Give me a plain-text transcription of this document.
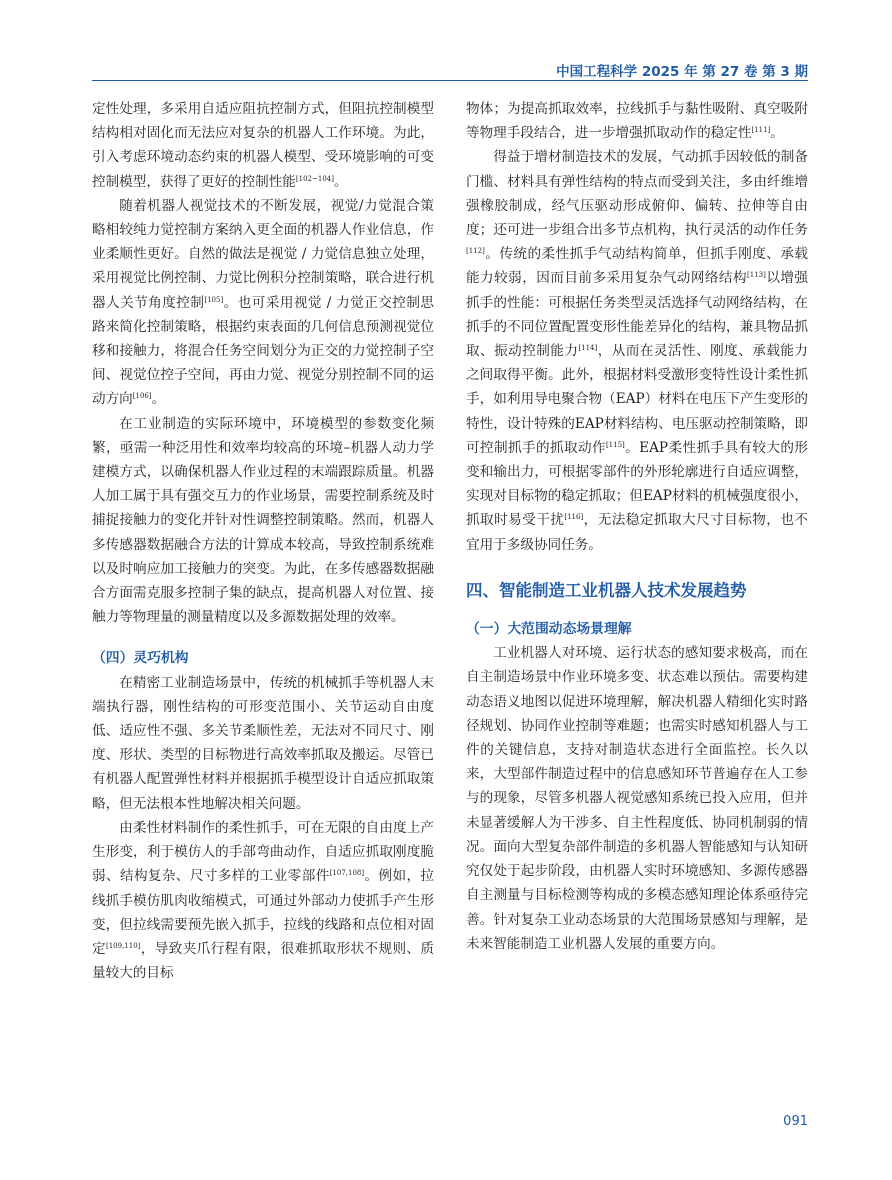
中国工程科学 2025 年 第 27 卷 第 3 期

定性处理，多采用自适应阻抗控制方式，但阻抗控制模型结构相对固化而无法应对复杂的机器人工作环境。为此，引入考虑环境动态约束的机器人模型、受环境影响的可变控制模型，获得了更好的控制性能[102~104]。

随着机器人视觉技术的不断发展，视觉/力觉混合策略相较纯力觉控制方案纳入更全面的机器人作业信息，作业柔顺性更好。自然的做法是视觉 / 力觉信息独立处理，采用视觉比例控制、力觉比例积分控制策略，联合进行机器人关节角度控制[105]。也可采用视觉 / 力觉正交控制思路来简化控制策略，根据约束表面的几何信息预测视觉位移和接触力，将混合任务空间划分为正交的力觉控制子空间、视觉位控子空间，再由力觉、视觉分别控制不同的运动方向[106]。

在工业制造的实际环境中，环境模型的参数变化频繁，亟需一种泛用性和效率均较高的环境–机器人动力学建模方式，以确保机器人作业过程的末端跟踪质量。机器人加工属于具有强交互力的作业场景，需要控制系统及时捕捉接触力的变化并针对性调整控制策略。然而，机器人多传感器数据融合方法的计算成本较高，导致控制系统难以及时响应加工接触力的突变。为此，在多传感器数据融合方面需克服多控制子集的缺点，提高机器人对位置、接触力等物理量的测量精度以及多源数据处理的效率。

（四）灵巧机构

在精密工业制造场景中，传统的机械抓手等机器人末端执行器，刚性结构的可形变范围小、关节运动自由度低、适应性不强、多关节柔顺性差，无法对不同尺寸、刚度、形状、类型的目标物进行高效率抓取及搬运。尽管已有机器人配置弹性材料并根据抓手模型设计自适应抓取策略，但无法根本性地解决相关问题。

由柔性材料制作的柔性抓手，可在无限的自由度上产生形变，利于模仿人的手部弯曲动作，自适应抓取刚度脆弱、结构复杂、尺寸多样的工业零部件[107,108]。例如，拉线抓手模仿肌肉收缩模式，可通过外部动力使抓手产生形变，但拉线需要预先嵌入抓手，拉线的线路和点位相对固定[109,110]，导致夹爪行程有限，很难抓取形状不规则、质量较大的目标

物体；为提高抓取效率，拉线抓手与黏性吸附、真空吸附等物理手段结合，进一步增强抓取动作的稳定性[111]。

得益于增材制造技术的发展，气动抓手因较低的制备门槛、材料具有弹性结构的特点而受到关注，多由纤维增强橡胶制成，经气压驱动形成俯仰、偏转、拉伸等自由度；还可进一步组合出多节点机构，执行灵活的动作任务[112]。传统的柔性抓手气动结构简单，但抓手刚度、承载能力较弱，因而目前多采用复杂气动网络结构[113]以增强抓手的性能：可根据任务类型灵活选择气动网络结构，在抓手的不同位置配置变形性能差异化的结构，兼具物品抓取、振动控制能力[114]，从而在灵活性、刚度、承载能力之间取得平衡。此外，根据材料受激形变特性设计柔性抓手，如利用导电聚合物（EAP）材料在电压下产生变形的特性，设计特殊的EAP材料结构、电压驱动控制策略，即可控制抓手的抓取动作[115]。EAP柔性抓手具有较大的形变和输出力，可根据零部件的外形轮廓进行自适应调整，实现对目标物的稳定抓取；但EAP材料的机械强度很小，抓取时易受干扰[116]，无法稳定抓取大尺寸目标物，也不宜用于多级协同任务。

四、智能制造工业机器人技术发展趋势

（一）大范围动态场景理解

工业机器人对环境、运行状态的感知要求极高，而在自主制造场景中作业环境多变、状态难以预估。需要构建动态语义地图以促进环境理解，解决机器人精细化实时路径规划、协同作业控制等难题；也需实时感知机器人与工件的关键信息，支持对制造状态进行全面监控。长久以来，大型部件制造过程中的信息感知环节普遍存在人工参与的现象，尽管多机器人视觉感知系统已投入应用，但并未显著缓解人为干涉多、自主性程度低、协同机制弱的情况。面向大型复杂部件制造的多机器人智能感知与认知研究仅处于起步阶段，由机器人实时环境感知、多源传感器自主测量与目标检测等构成的多模态感知理论体系亟待完善。针对复杂工业动态场景的大范围场景感知与理解，是未来智能制造工业机器人发展的重要方向。

091
